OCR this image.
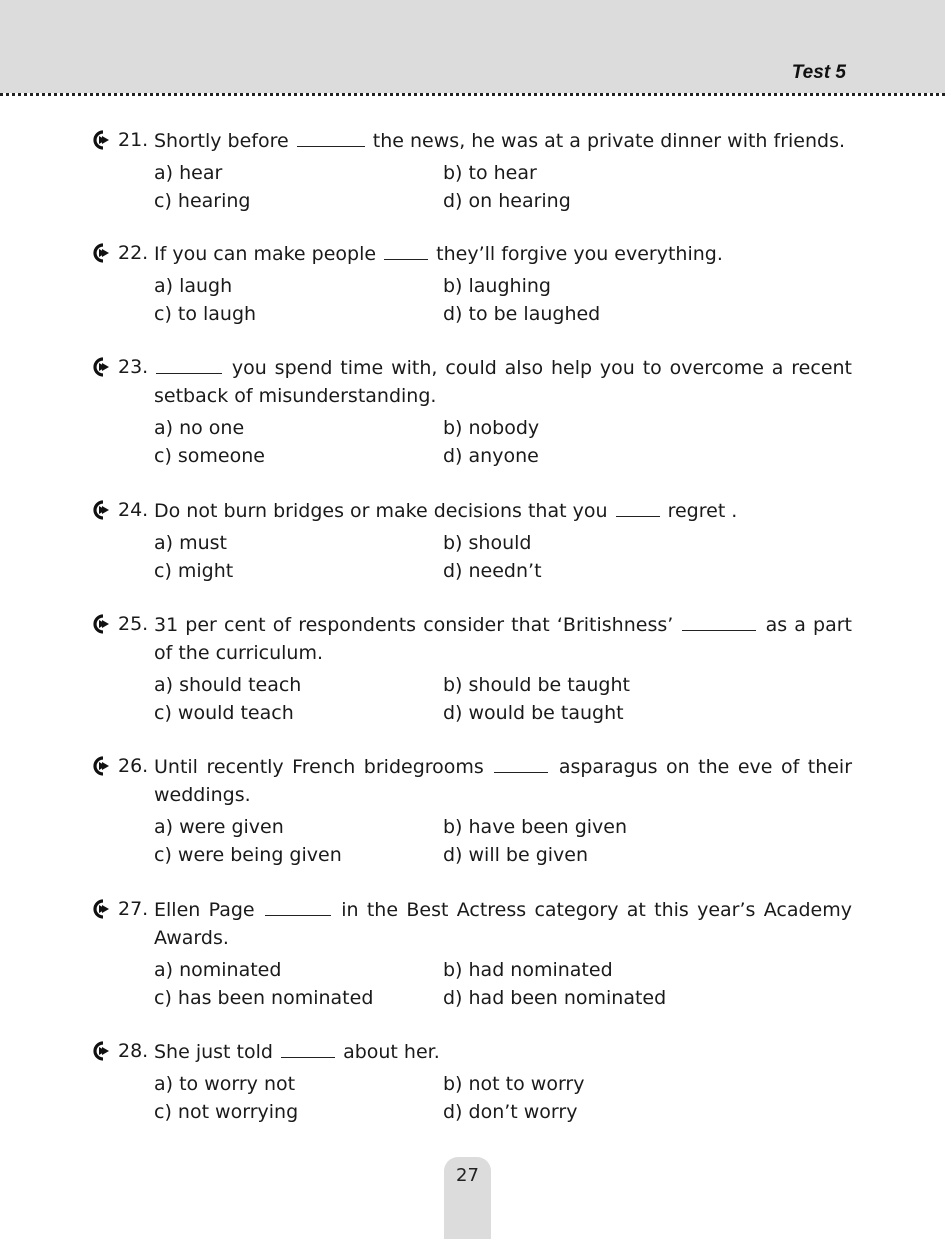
Test 5
21. Shortly before	the news, he was at a private dinner with friends.
a) hear	b) to hear
c) hearing	d) on hearing
22. If you can make people	they’ll forgive you everything.
a) laugh	b) laughing
c) to laugh	d) to be laughed
23.	you spend time with, could also help you to overcome a recent setback of misunderstanding.
a) no one	b) nobody
c) someone	d) anyone
24. Do not burn bridges or make decisions that you	regret .
a) must	b) should
c) might	d) needn’t
25. 31 per cent of respondents consider that ‘Britishness’	as a part of the curriculum.
a) should teach	b) should be taught
c) would teach	d) would be taught
26. Until recently French bridegrooms	asparagus on the eve of their weddings.
a) were given	b) have been given
c) were being given	d) will be given
27. Ellen Page	in the Best Actress category at this year’s Academy Awards.
a) nominated	b) had nominated
c) has been nominated	d) had been nominated
28. She just told	about her.
a) to worry not	b) not to worry
c) not worrying	d) don’t worry
27
